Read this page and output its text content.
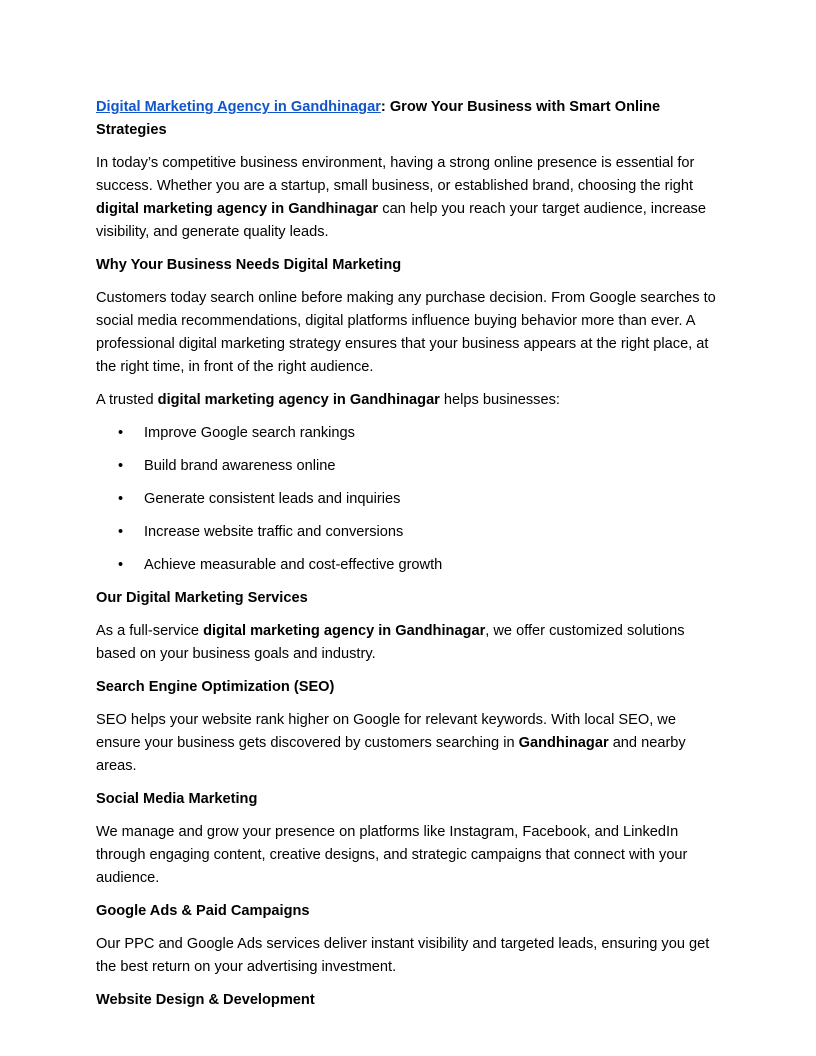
Digital Marketing Agency in Gandhinagar: Grow Your Business with Smart Online Strategies

In today’s competitive business environment, having a strong online presence is essential for success. Whether you are a startup, small business, or established brand, choosing the right digital marketing agency in Gandhinagar can help you reach your target audience, increase visibility, and generate quality leads.

Why Your Business Needs Digital Marketing

Customers today search online before making any purchase decision. From Google searches to social media recommendations, digital platforms influence buying behavior more than ever. A professional digital marketing strategy ensures that your business appears at the right place, at the right time, in front of the right audience.

A trusted digital marketing agency in Gandhinagar helps businesses:

• Improve Google search rankings
• Build brand awareness online
• Generate consistent leads and inquiries
• Increase website traffic and conversions
• Achieve measurable and cost-effective growth
Our Digital Marketing Services

As a full-service digital marketing agency in Gandhinagar, we offer customized solutions based on your business goals and industry.

Search Engine Optimization (SEO)

SEO helps your website rank higher on Google for relevant keywords. With local SEO, we ensure your business gets discovered by customers searching in Gandhinagar and nearby areas.

Social Media Marketing

We manage and grow your presence on platforms like Instagram, Facebook, and LinkedIn through engaging content, creative designs, and strategic campaigns that connect with your audience.

Google Ads & Paid Campaigns

Our PPC and Google Ads services deliver instant visibility and targeted leads, ensuring you get the best return on your advertising investment.

Website Design & Development
